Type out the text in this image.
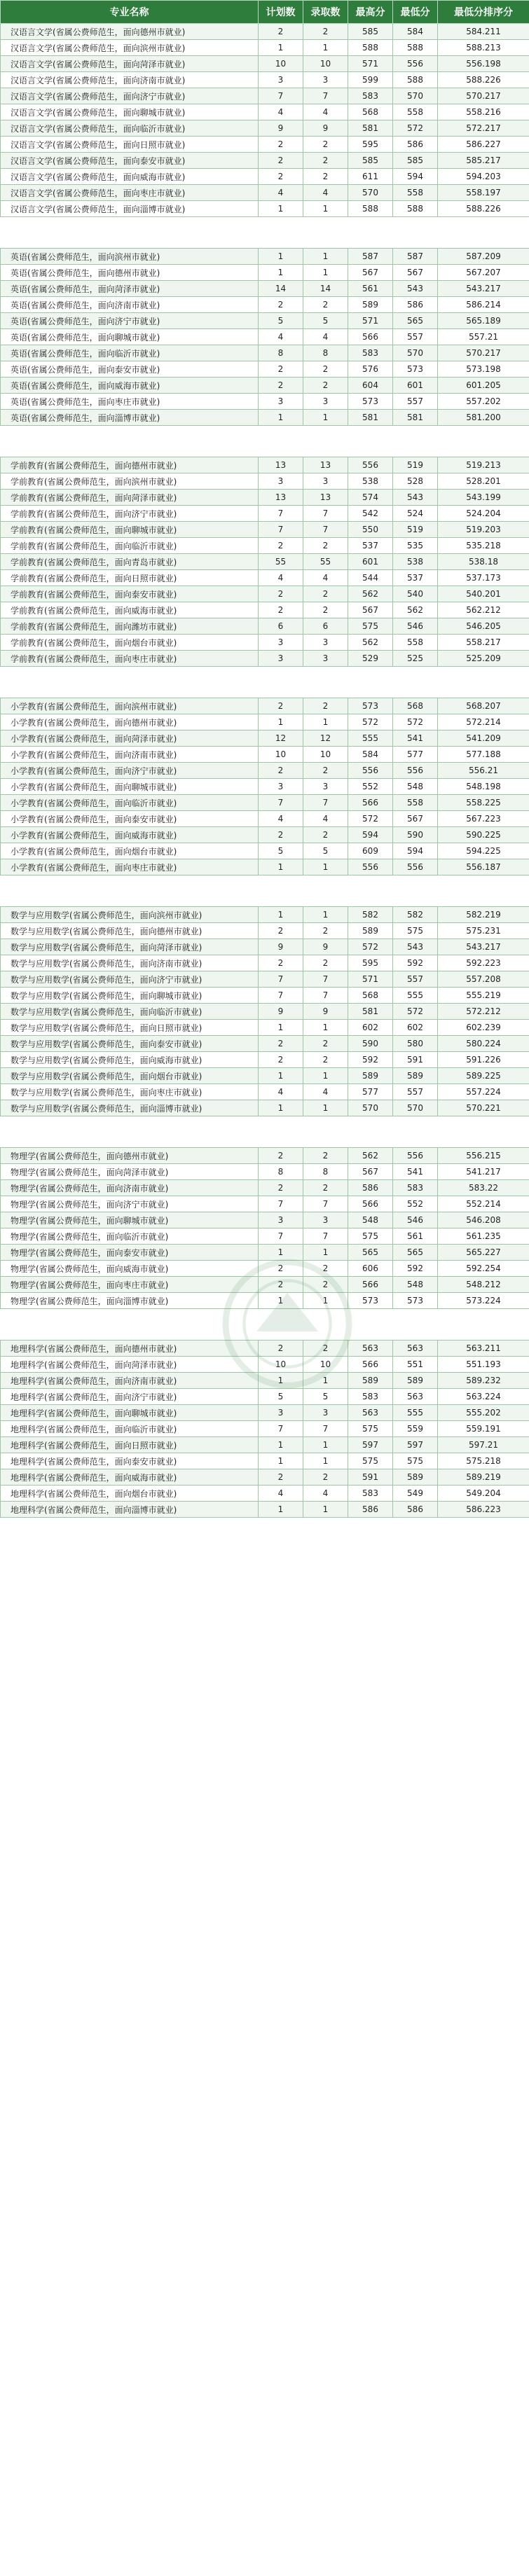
专业名称	计划数	录取数	最高分	最低分	最低分排序分
汉语言文学(省属公费师范生，面向德州市就业)	2	2	585	584	584.211
汉语言文学(省属公费师范生，面向滨州市就业)	1	1	588	588	588.213
汉语言文学(省属公费师范生，面向菏泽市就业)	10	10	571	556	556.198
汉语言文学(省属公费师范生，面向济南市就业)	3	3	599	588	588.226
汉语言文学(省属公费师范生，面向济宁市就业)	7	7	583	570	570.217
汉语言文学(省属公费师范生，面向聊城市就业)	4	4	568	558	558.216
汉语言文学(省属公费师范生，面向临沂市就业)	9	9	581	572	572.217
汉语言文学(省属公费师范生，面向日照市就业)	2	2	595	586	586.227
汉语言文学(省属公费师范生，面向泰安市就业)	2	2	585	585	585.217
汉语言文学(省属公费师范生，面向威海市就业)	2	2	611	594	594.203
汉语言文学(省属公费师范生，面向枣庄市就业)	4	4	570	558	558.197
汉语言文学(省属公费师范生，面向淄博市就业)	1	1	588	588	588.226

英语(省属公费师范生，面向滨州市就业)	1	1	587	587	587.209
英语(省属公费师范生，面向德州市就业)	1	1	567	567	567.207
英语(省属公费师范生，面向菏泽市就业)	14	14	561	543	543.217
英语(省属公费师范生，面向济南市就业)	2	2	589	586	586.214
英语(省属公费师范生，面向济宁市就业)	5	5	571	565	565.189
英语(省属公费师范生，面向聊城市就业)	4	4	566	557	557.21
英语(省属公费师范生，面向临沂市就业)	8	8	583	570	570.217
英语(省属公费师范生，面向泰安市就业)	2	2	576	573	573.198
英语(省属公费师范生，面向威海市就业)	2	2	604	601	601.205
英语(省属公费师范生，面向枣庄市就业)	3	3	573	557	557.202
英语(省属公费师范生，面向淄博市就业)	1	1	581	581	581.200

学前教育(省属公费师范生，面向德州市就业)	13	13	556	519	519.213
学前教育(省属公费师范生，面向滨州市就业)	3	3	538	528	528.201
学前教育(省属公费师范生，面向菏泽市就业)	13	13	574	543	543.199
学前教育(省属公费师范生，面向济宁市就业)	7	7	542	524	524.204
学前教育(省属公费师范生，面向聊城市就业)	7	7	550	519	519.203
学前教育(省属公费师范生，面向临沂市就业)	2	2	537	535	535.218
学前教育(省属公费师范生，面向青岛市就业)	55	55	601	538	538.18
学前教育(省属公费师范生，面向日照市就业)	4	4	544	537	537.173
学前教育(省属公费师范生，面向泰安市就业)	2	2	562	540	540.201
学前教育(省属公费师范生，面向威海市就业)	2	2	567	562	562.212
学前教育(省属公费师范生，面向潍坊市就业)	6	6	575	546	546.205
学前教育(省属公费师范生，面向烟台市就业)	3	3	562	558	558.217
学前教育(省属公费师范生，面向枣庄市就业)	3	3	529	525	525.209

小学教育(省属公费师范生，面向滨州市就业)	2	2	573	568	568.207
小学教育(省属公费师范生，面向德州市就业)	1	1	572	572	572.214
小学教育(省属公费师范生，面向菏泽市就业)	12	12	555	541	541.209
小学教育(省属公费师范生，面向济南市就业)	10	10	584	577	577.188
小学教育(省属公费师范生，面向济宁市就业)	2	2	556	556	556.21
小学教育(省属公费师范生，面向聊城市就业)	3	3	552	548	548.198
小学教育(省属公费师范生，面向临沂市就业)	7	7	566	558	558.225
小学教育(省属公费师范生，面向泰安市就业)	4	4	572	567	567.223
小学教育(省属公费师范生，面向威海市就业)	2	2	594	590	590.225
小学教育(省属公费师范生，面向烟台市就业)	5	5	609	594	594.225
小学教育(省属公费师范生，面向枣庄市就业)	1	1	556	556	556.187

数学与应用数学(省属公费师范生，面向滨州市就业)	1	1	582	582	582.219
数学与应用数学(省属公费师范生，面向德州市就业)	2	2	589	575	575.231
数学与应用数学(省属公费师范生，面向菏泽市就业)	9	9	572	543	543.217
数学与应用数学(省属公费师范生，面向济南市就业)	2	2	595	592	592.223
数学与应用数学(省属公费师范生，面向济宁市就业)	7	7	571	557	557.208
数学与应用数学(省属公费师范生，面向聊城市就业)	7	7	568	555	555.219
数学与应用数学(省属公费师范生，面向临沂市就业)	9	9	581	572	572.212
数学与应用数学(省属公费师范生，面向日照市就业)	1	1	602	602	602.239
数学与应用数学(省属公费师范生，面向泰安市就业)	2	2	590	580	580.224
数学与应用数学(省属公费师范生，面向威海市就业)	2	2	592	591	591.226
数学与应用数学(省属公费师范生，面向烟台市就业)	1	1	589	589	589.225
数学与应用数学(省属公费师范生，面向枣庄市就业)	4	4	577	557	557.224
数学与应用数学(省属公费师范生，面向淄博市就业)	1	1	570	570	570.221

物理学(省属公费师范生，面向德州市就业)	2	2	562	556	556.215
物理学(省属公费师范生，面向菏泽市就业)	8	8	567	541	541.217
物理学(省属公费师范生，面向济南市就业)	2	2	586	583	583.22
物理学(省属公费师范生，面向济宁市就业)	7	7	566	552	552.214
物理学(省属公费师范生，面向聊城市就业)	3	3	548	546	546.208
物理学(省属公费师范生，面向临沂市就业)	7	7	575	561	561.235
物理学(省属公费师范生，面向泰安市就业)	1	1	565	565	565.227
物理学(省属公费师范生，面向威海市就业)	2	2	606	592	592.254
物理学(省属公费师范生，面向枣庄市就业)	2	2	566	548	548.212
物理学(省属公费师范生，面向淄博市就业)	1	1	573	573	573.224

地理科学(省属公费师范生，面向德州市就业)	2	2	563	563	563.211
地理科学(省属公费师范生，面向菏泽市就业)	10	10	566	551	551.193
地理科学(省属公费师范生，面向济南市就业)	1	1	589	589	589.232
地理科学(省属公费师范生，面向济宁市就业)	5	5	583	563	563.224
地理科学(省属公费师范生，面向聊城市就业)	3	3	563	555	555.202
地理科学(省属公费师范生，面向临沂市就业)	7	7	575	559	559.191
地理科学(省属公费师范生，面向日照市就业)	1	1	597	597	597.21
地理科学(省属公费师范生，面向泰安市就业)	1	1	575	575	575.218
地理科学(省属公费师范生，面向威海市就业)	2	2	591	589	589.219
地理科学(省属公费师范生，面向烟台市就业)	4	4	583	549	549.204
地理科学(省属公费师范生，面向淄博市就业)	1	1	586	586	586.223
